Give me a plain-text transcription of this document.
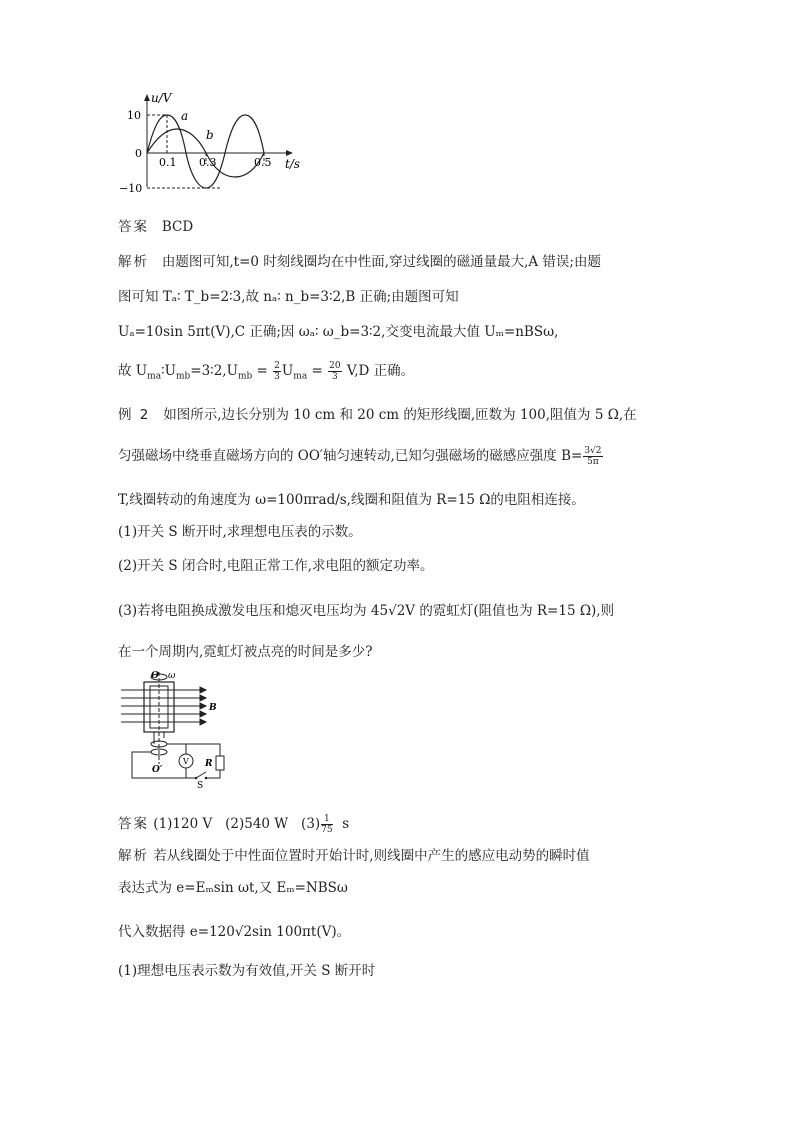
u/V
t/s
10
0
−10
0.1 0.3	0.5
a
b
答案 BCD
解析 由题图可知,t=0 时刻线圈均在中性面,穿过线圈的磁通量最大,A 错误;由题
图可知 Tₐ∶ T_b=2∶3,故 nₐ∶ n_b=3∶2,B 正确;由题图可知
Uₐ=10sin 5πt(V),C 正确;因 ωₐ∶ ω_b=3∶2,交变电流最大值 Uₘ=nBSω,
故 $U_{ma}∶U_{mb}=3∶2,U_{mb} = \frac{2}{3} U_{ma} = \frac{20}{3} V,D$ 正确。
例 2 如图所示,边长分别为 10 cm 和 20 cm 的矩形线圈,匝数为 100,阻值为 5 Ω,在
匀强磁场中绕垂直磁场方向的 OO′轴匀速转动,已知匀强磁场的磁感应强度 $B= \frac{3√2}{5\pi}$
T,线圈转动的角速度为 ω=100πrad/s,线圈和阻值为 R=15 Ω的电阻相连接。
(1)开关 S 断开时,求理想电压表的示数。
(2)开关 S 闭合时,电阻正常工作,求电阻的额定功率。
(3)若将电阻换成激发电压和熄灭电压均为 45√2V 的霓虹灯(阻值也为 R=15 Ω),则
在一个周期内,霓虹灯被点亮的时间是多少?
O ω
B
R
V
O′
S
答案 (1)120 V (2)540 W $(3) \frac{1}{75}$ s
解析 若从线圈处于中性面位置时开始计时,则线圈中产生的感应电动势的瞬时值
表达式为 e=Eₘsin ωt,又 Eₘ=NBSω
代入数据得 e=120√2sin 100πt(V)。
(1)理想电压表示数为有效值,开关 S 断开时
